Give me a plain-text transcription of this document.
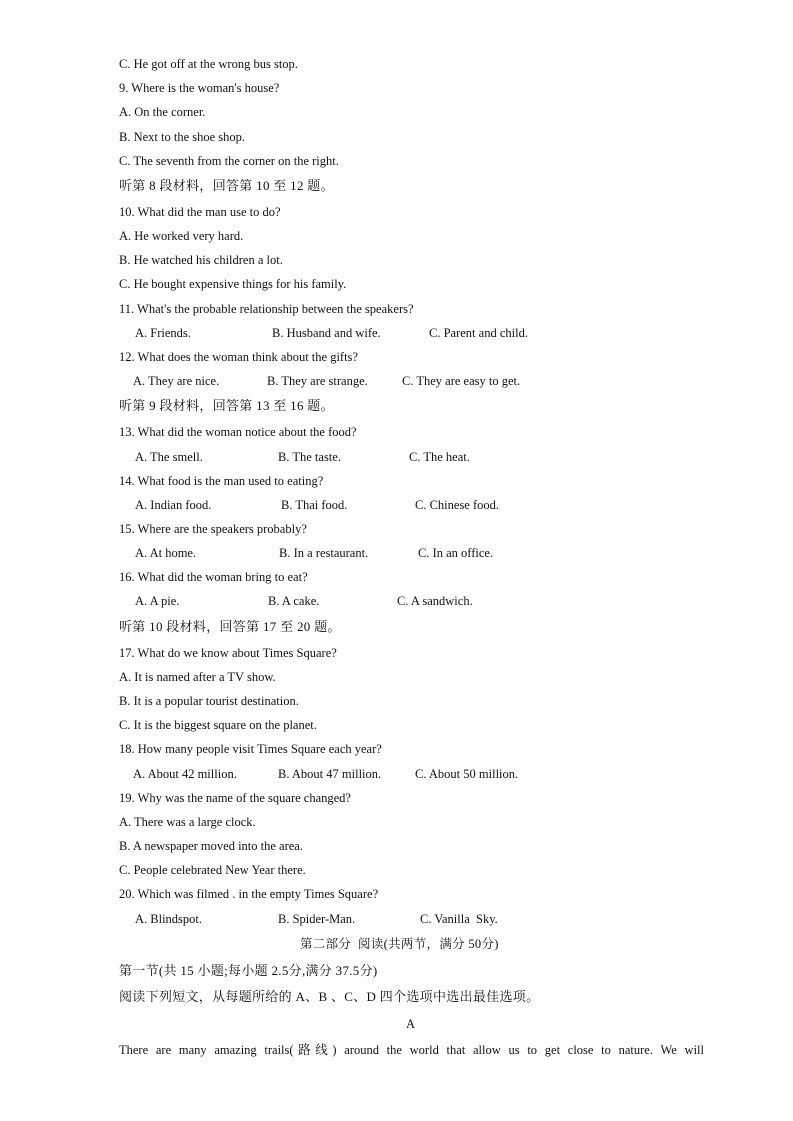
C. He got off at the wrong bus stop.
9. Where is the woman's house?
A. On the corner.
B. Next to the shoe shop.
C. The seventh from the corner on the right.
听第 8 段材料，回答第 10 至 12 题。
10. What did the man use to do?
A. He worked very hard.
B. He watched his children a lot.
C. He bought expensive things for his family.
11. What's the probable relationship between the speakers?
A. Friends.	B. Husband and wife.	C. Parent and child.
12. What does the woman think about the gifts?
A. They are nice.	B. They are strange.	C. They are easy to get.
听第 9 段材料，回答第 13 至 16 题。
13. What did the woman notice about the food?
A. The smell.	B. The taste.	C. The heat.
14. What food is the man used to eating?
A. Indian food.	B. Thai food.	C. Chinese food.
15. Where are the speakers probably?
A. At home.	B. In a restaurant.	C. In an office.
16. What did the woman bring to eat?
A. A pie.	B. A cake.	C. A sandwich.
听第 10 段材料，回答第 17 至 20 题。
17. What do we know about Times Square?
A. It is named after a TV show.
B. It is a popular tourist destination.
C. It is the biggest square on the planet.
18. How many people visit Times Square each year?
A. About 42 million.	B. About 47 million.	C. About 50 million.
19. Why was the name of the square changed?
A. There was a large clock.
B. A newspaper moved into the area.
C. People celebrated New Year there.
20. Which was filmed . in the empty Times Square?
A. Blindspot.	B. Spider-Man.	C. Vanilla  Sky.
第二部分  阅读(共两节，满分 50分)
第一节(共 15 小题;每小题 2.5分,满分 37.5分)
阅读下列短文，从每题所给的 A、B 、C、D 四个选项中选出最佳选项。
A
There are many amazing trails(路线) around the world that allow us to get close to nature. We will
